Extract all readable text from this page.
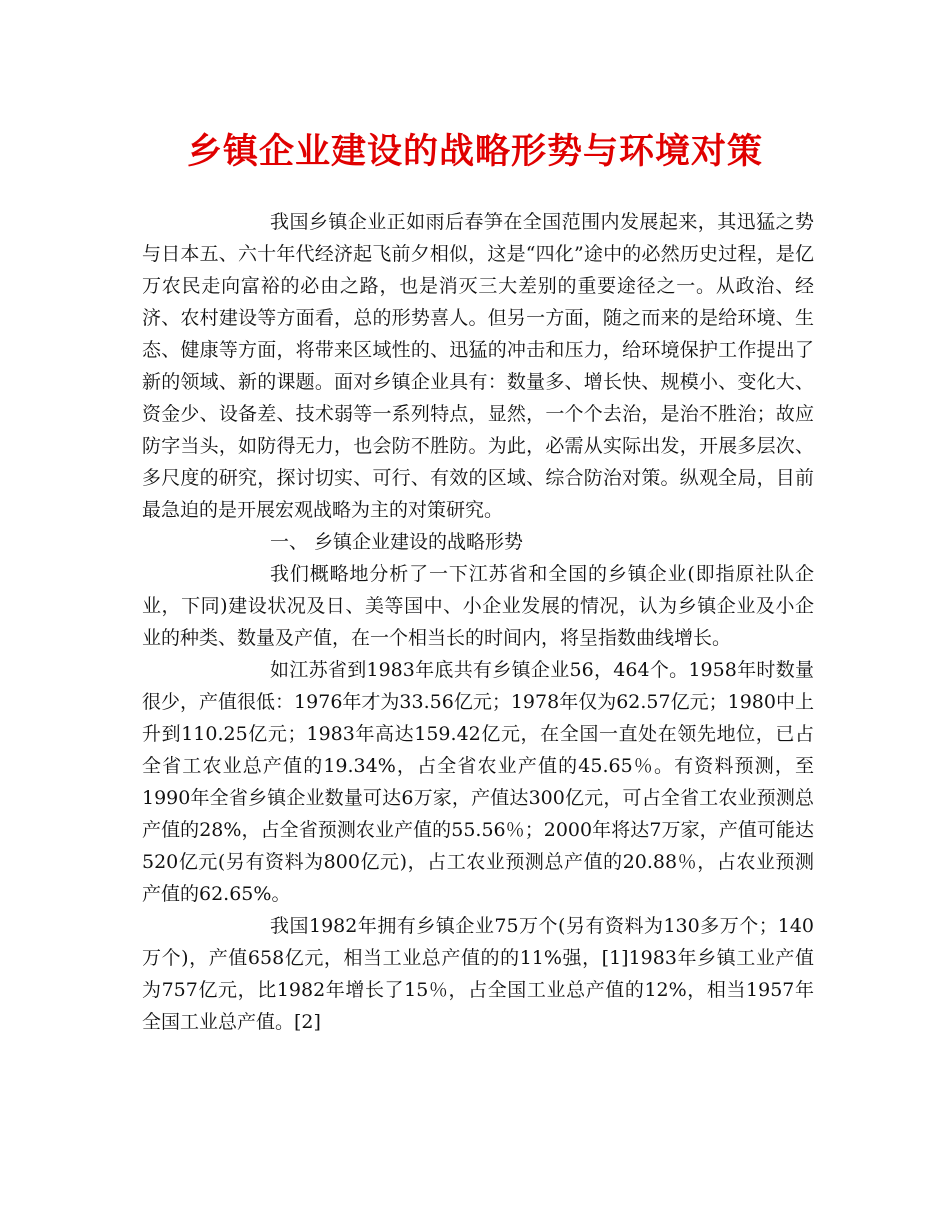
乡镇企业建设的战略形势与环境对策

我国乡镇企业正如雨后春笋在全国范围内发展起来，其迅猛之势与日本五、六十年代经济起飞前夕相似，这是“四化”途中的必然历史过程，是亿万农民走向富裕的必由之路，也是消灭三大差别的重要途径之一。从政治、经济、农村建设等方面看，总的形势喜人。但另一方面，随之而来的是给环境、生态、健康等方面，将带来区域性的、迅猛的冲击和压力，给环境保护工作提出了新的领域、新的课题。面对乡镇企业具有：数量多、增长快、规模小、变化大、资金少、设备差、技术弱等一系列特点，显然，一个个去治，是治不胜治；故应防字当头，如防得无力，也会防不胜防。为此，必需从实际出发，开展多层次、多尺度的研究，探讨切实、可行、有效的区域、综合防治对策。纵观全局，目前最急迫的是开展宏观战略为主的对策研究。

一、 乡镇企业建设的战略形势

我们概略地分析了一下江苏省和全国的乡镇企业(即指原社队企业，下同)建设状况及日、美等国中、小企业发展的情况，认为乡镇企业及小企业的种类、数量及产值，在一个相当长的时间内，将呈指数曲线增长。

如江苏省到1983年底共有乡镇企业56，464个。1958年时数量很少，产值很低：1976年才为33.56亿元；1978年仅为62.57亿元；1980中上升到110.25亿元；1983年高达159.42亿元，在全国一直处在领先地位，已占全省工农业总产值的19.34%，占全省农业产值的45.65％。有资料预测，至1990年全省乡镇企业数量可达6万家，产值达300亿元，可占全省工农业预测总产值的28%，占全省预测农业产值的55.56％；2000年将达7万家，产值可能达520亿元(另有资料为800亿元)，占工农业预测总产值的20.88％，占农业预测产值的62.65%。

我国1982年拥有乡镇企业75万个(另有资料为130多万个；140万个)，产值658亿元，相当工业总产值的的11%强，[1]1983年乡镇工业产值为757亿元，比1982年增长了15％，占全国工业总产值的12%，相当1957年全国工业总产值。[2]
